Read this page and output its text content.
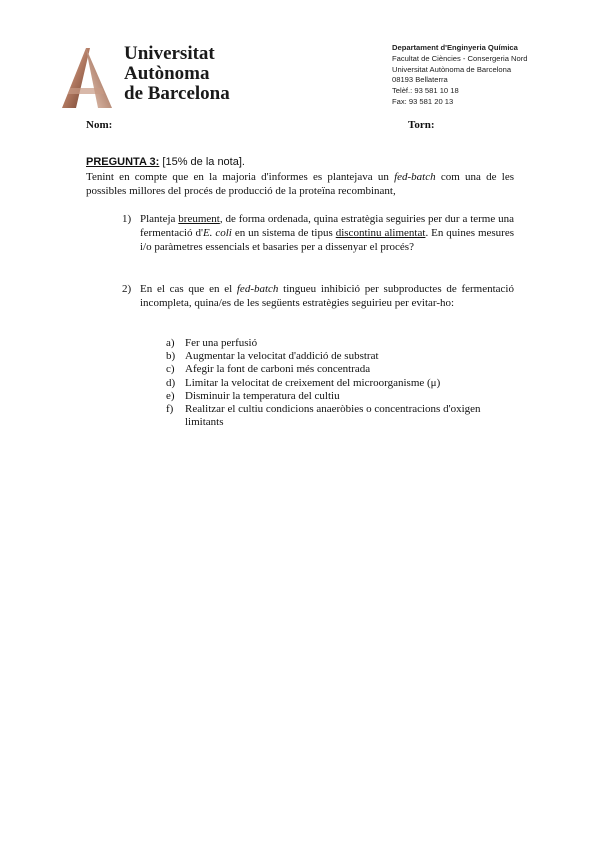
Universitat
Autònoma
de Barcelona
Departament d'Enginyeria Química
Facultat de Ciències - Consergeria Nord
Universitat Autònoma de Barcelona
08193 Bellaterra
Telèf.: 93 581 10 18
Fax: 93 581 20 13
Nom:	Torn:
PREGUNTA 3: [15% de la nota].
Tenint en compte que en la majoria d'informes es plantejava un fed-batch com una de les possibles millores del procés de producció de la proteïna recombinant,
1) Planteja breument, de forma ordenada, quina estratègia seguiries per dur a terme una fermentació d'E. coli en un sistema de tipus discontinu alimentat. En quines mesures i/o paràmetres essencials et basaries per a dissenyar el procés?
2) En el cas que en el fed-batch tingueu inhibició per subproductes de fermentació incompleta, quina/es de les següents estratègies seguirieu per evitar-ho:
a) Fer una perfusió
b) Augmentar la velocitat d'addició de substrat
c) Afegir la font de carboni més concentrada
d) Limitar la velocitat de creixement del microorganisme (μ)
e) Disminuir la temperatura del cultiu
f) Realitzar el cultiu condicions anaeròbies o concentracions d'oxigen limitants
